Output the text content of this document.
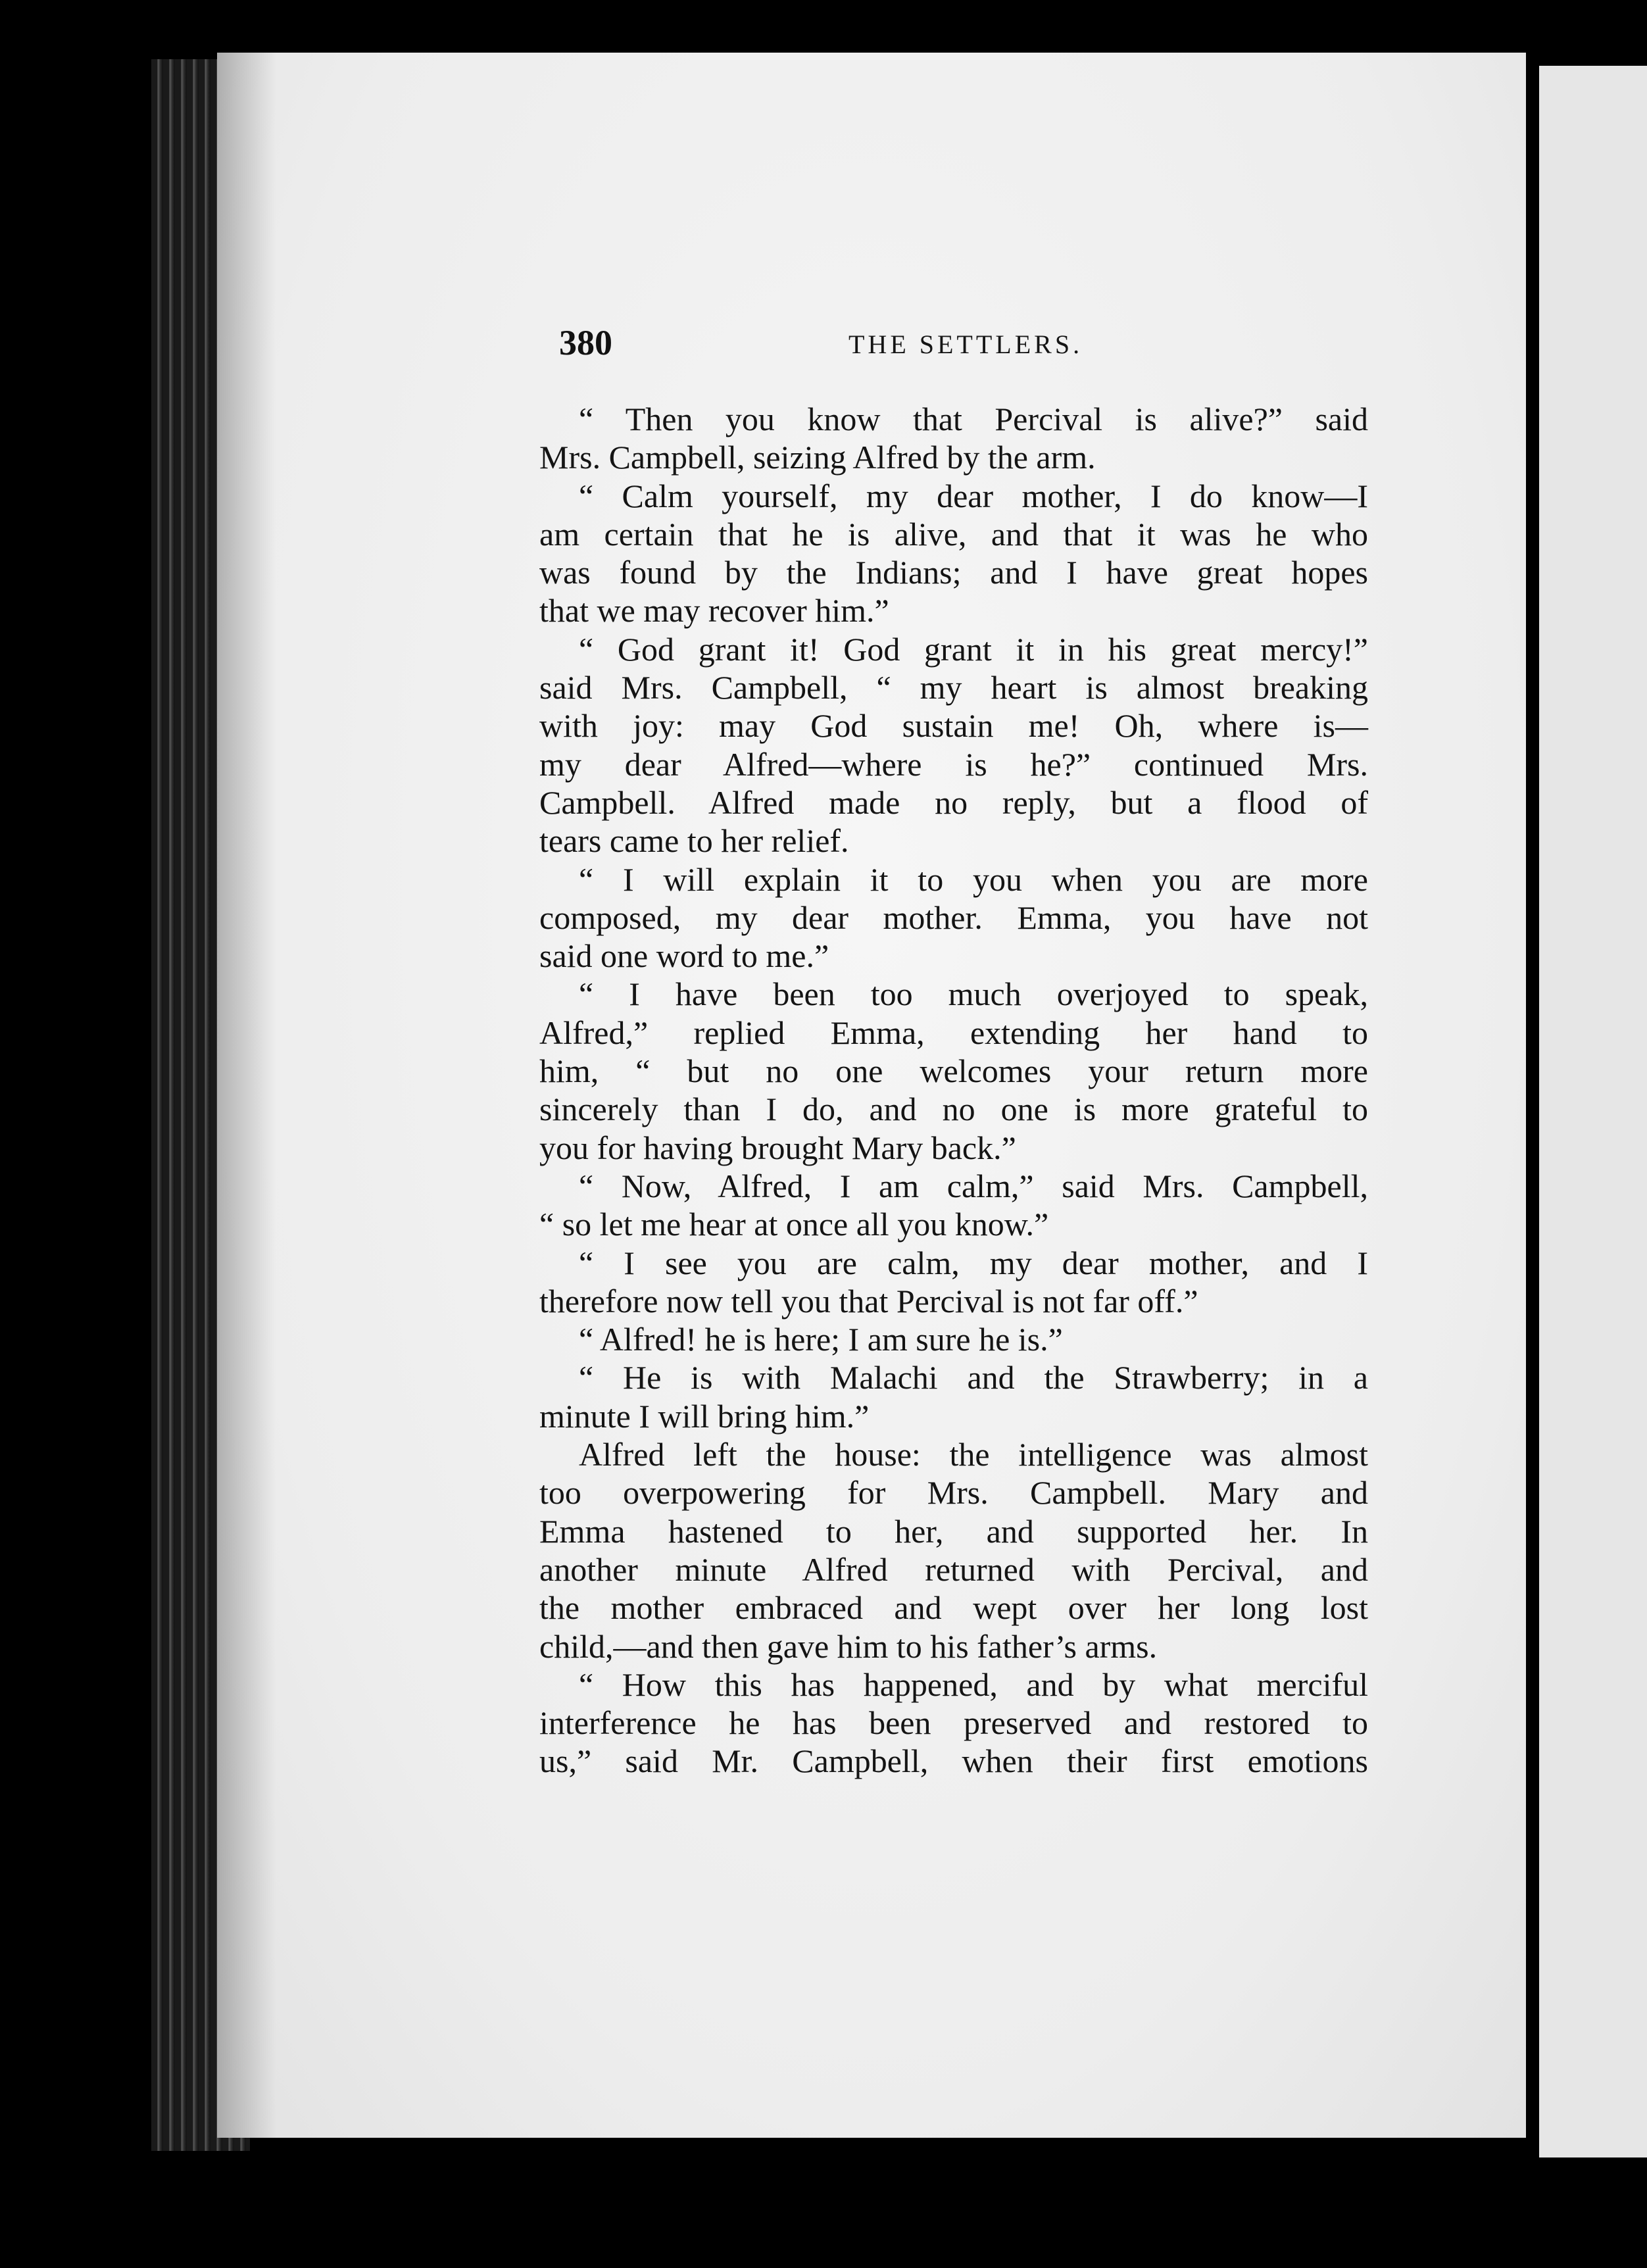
380	THE SETTLERS.
“ Then you know that Percival is alive?” said
Mrs. Campbell, seizing Alfred by the arm.
“ Calm yourself, my dear mother, I do know—I
am certain that he is alive, and that it was he who
was found by the Indians; and I have great hopes
that we may recover him.”
“ God grant it! God grant it in his great mercy!”
said Mrs. Campbell, “ my heart is almost breaking
with joy: may God sustain me! Oh, where is—
my dear Alfred—where is he?” continued Mrs.
Campbell. Alfred made no reply, but a flood of
tears came to her relief.
“ I will explain it to you when you are more
composed, my dear mother. Emma, you have not
said one word to me.”
“ I have been too much overjoyed to speak,
Alfred,” replied Emma, extending her hand to
him, “ but no one welcomes your return more
sincerely than I do, and no one is more grateful to
you for having brought Mary back.”
“ Now, Alfred, I am calm,” said Mrs. Campbell,
“ so let me hear at once all you know.”
“ I see you are calm, my dear mother, and I
therefore now tell you that Percival is not far off.”
“ Alfred! he is here; I am sure he is.”
“ He is with Malachi and the Strawberry; in a
minute I will bring him.”
Alfred left the house: the intelligence was almost
too overpowering for Mrs. Campbell. Mary and
Emma hastened to her, and supported her. In
another minute Alfred returned with Percival, and
the mother embraced and wept over her long lost
child,—and then gave him to his father’s arms.
“ How this has happened, and by what merciful
interference he has been preserved and restored to
us,” said Mr. Campbell, when their first emotions
